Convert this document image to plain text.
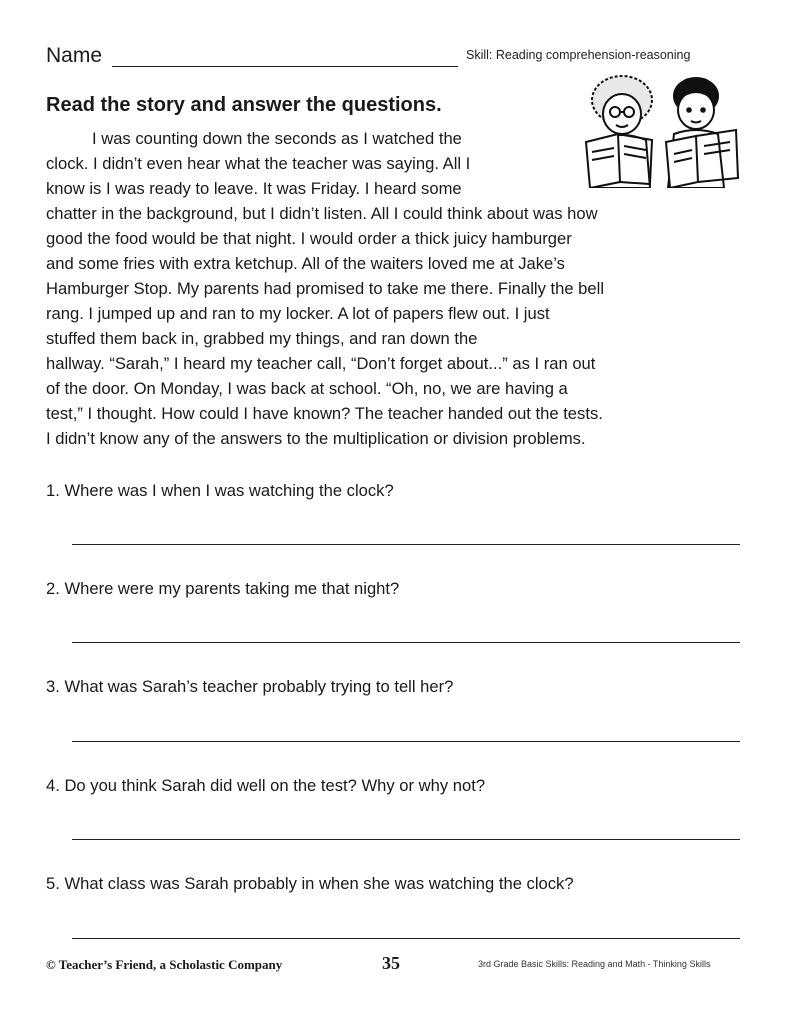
Name	Skill: Reading comprehension-reasoning
Read the story and answer the questions.
I was counting down the seconds as I watched the
clock. I didn’t even hear what the teacher was saying. All I
know is I was ready to leave. It was Friday. I heard some
chatter in the background, but I didn’t listen. All I could think about was how
good the food would be that night. I would order a thick juicy hamburger
and some fries with extra ketchup. All of the waiters loved me at Jake’s
Hamburger Stop. My parents had promised to take me there. Finally the bell
rang. I jumped up and ran to my locker. A lot of papers flew out. I just
stuffed them back in, grabbed my things, and ran down the
hallway. “Sarah,” I heard my teacher call, “Don’t forget about...” as I ran out
of the door. On Monday, I was back at school. “Oh, no, we are having a
test,” I thought. How could I have known? The teacher handed out the tests.
I didn’t know any of the answers to the multiplication or division problems.
1. Where was I when I was watching the clock?
2. Where were my parents taking me that night?
3. What was Sarah’s teacher probably trying to tell her?
4. Do you think Sarah did well on the test? Why or why not?
5. What class was Sarah probably in when she was watching the clock?
© Teacher’s Friend, a Scholastic Company	35	3rd Grade Basic Skills: Reading and Math - Thinking Skills
